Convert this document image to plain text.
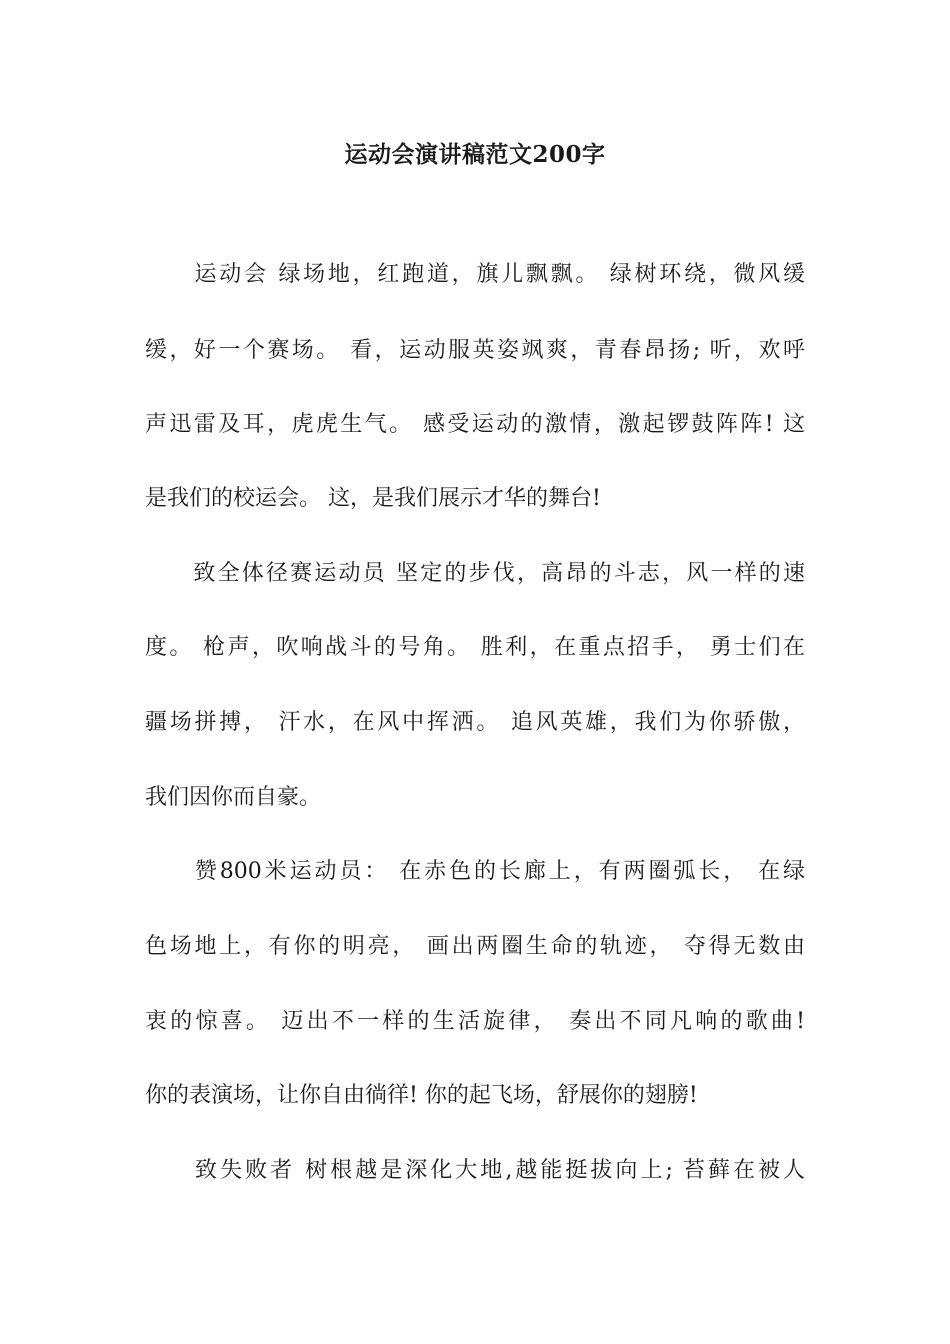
运动会演讲稿范文200字
　　运动会 绿场地，红跑道，旗儿飘飘。 绿树环绕，微风缓
缓，好一个赛场。 看，运动服英姿飒爽，青春昂扬; 听，欢呼
声迅雷及耳，虎虎生气。 感受运动的激情，激起锣鼓阵阵! 这
是我们的校运会。 这，是我们展示才华的舞台!
　　致全体径赛运动员 坚定的步伐，高昂的斗志，风一样的速
度。 枪声，吹响战斗的号角。 胜利，在重点招手， 勇士们在
疆场拼搏， 汗水，在风中挥洒。 追风英雄，我们为你骄傲，
我们因你而自豪。
　　赞800米运动员： 在赤色的长廊上，有两圈弧长， 在绿
色场地上，有你的明亮， 画出两圈生命的轨迹， 夺得无数由
衷的惊喜。 迈出不一样的生活旋律， 奏出不同凡响的歌曲!
你的表演场，让你自由徜徉! 你的起飞场，舒展你的翅膀!
　　致失败者 树根越是深化大地,越能挺拔向上; 苔藓在被人
